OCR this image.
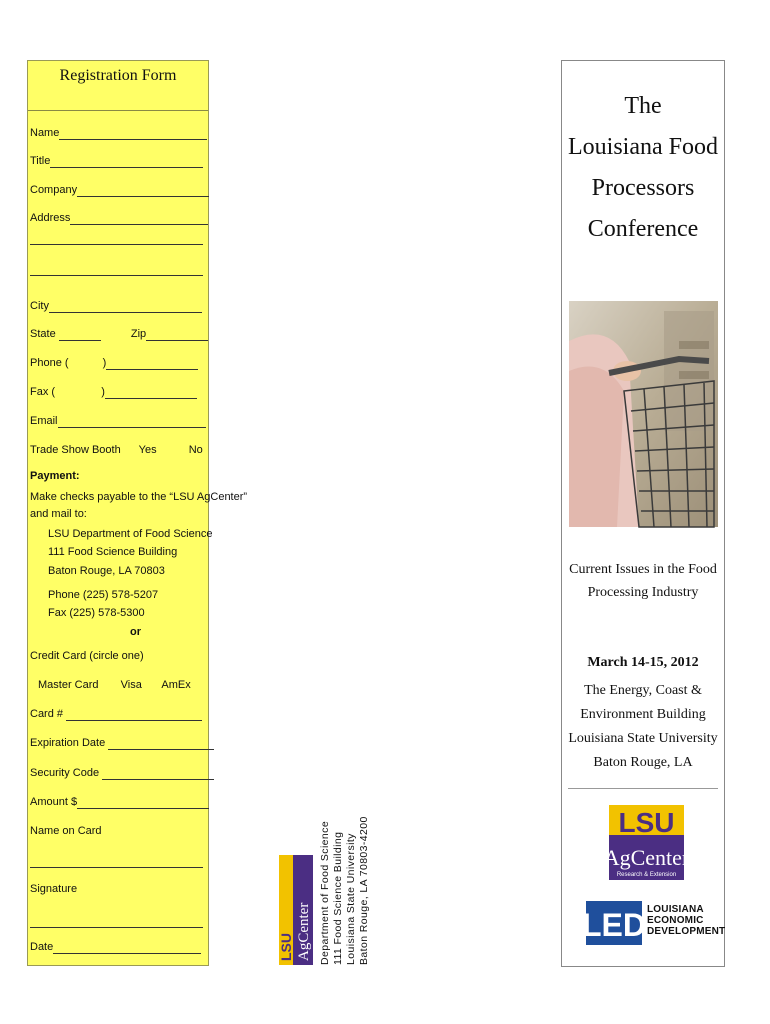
Registration Form
Name
Title
Company
Address
City
State	Zip
Phone (	)
Fax (	)
Email
Trade Show Booth Yes	No
Payment:
Make checks payable to the “LSU AgCenter”
and mail to:
LSU Department of Food Science
111 Food Science Building
Baton Rouge, LA 70803
Phone (225) 578-5207
Fax (225) 578-5300
or
Credit Card (circle one)
Master Card Visa AmEx
Card #
Expiration Date
Security Code
Amount $
Name on Card
Signature
Date	LSU AgCenter Department of Food Science 111 Food Science Building Louisiana State University Baton Rouge, LA 70803-4200
The
Louisiana Food
Processors
Conference
Current Issues in the Food
Processing Industry
March 14-15, 2012
The Energy, Coast &
Environment Building
Louisiana State University
Baton Rouge, LA
LSU
AgCenter
Research & Extension
LED LOUISIANA
ECONOMIC
DEVELOPMENT
